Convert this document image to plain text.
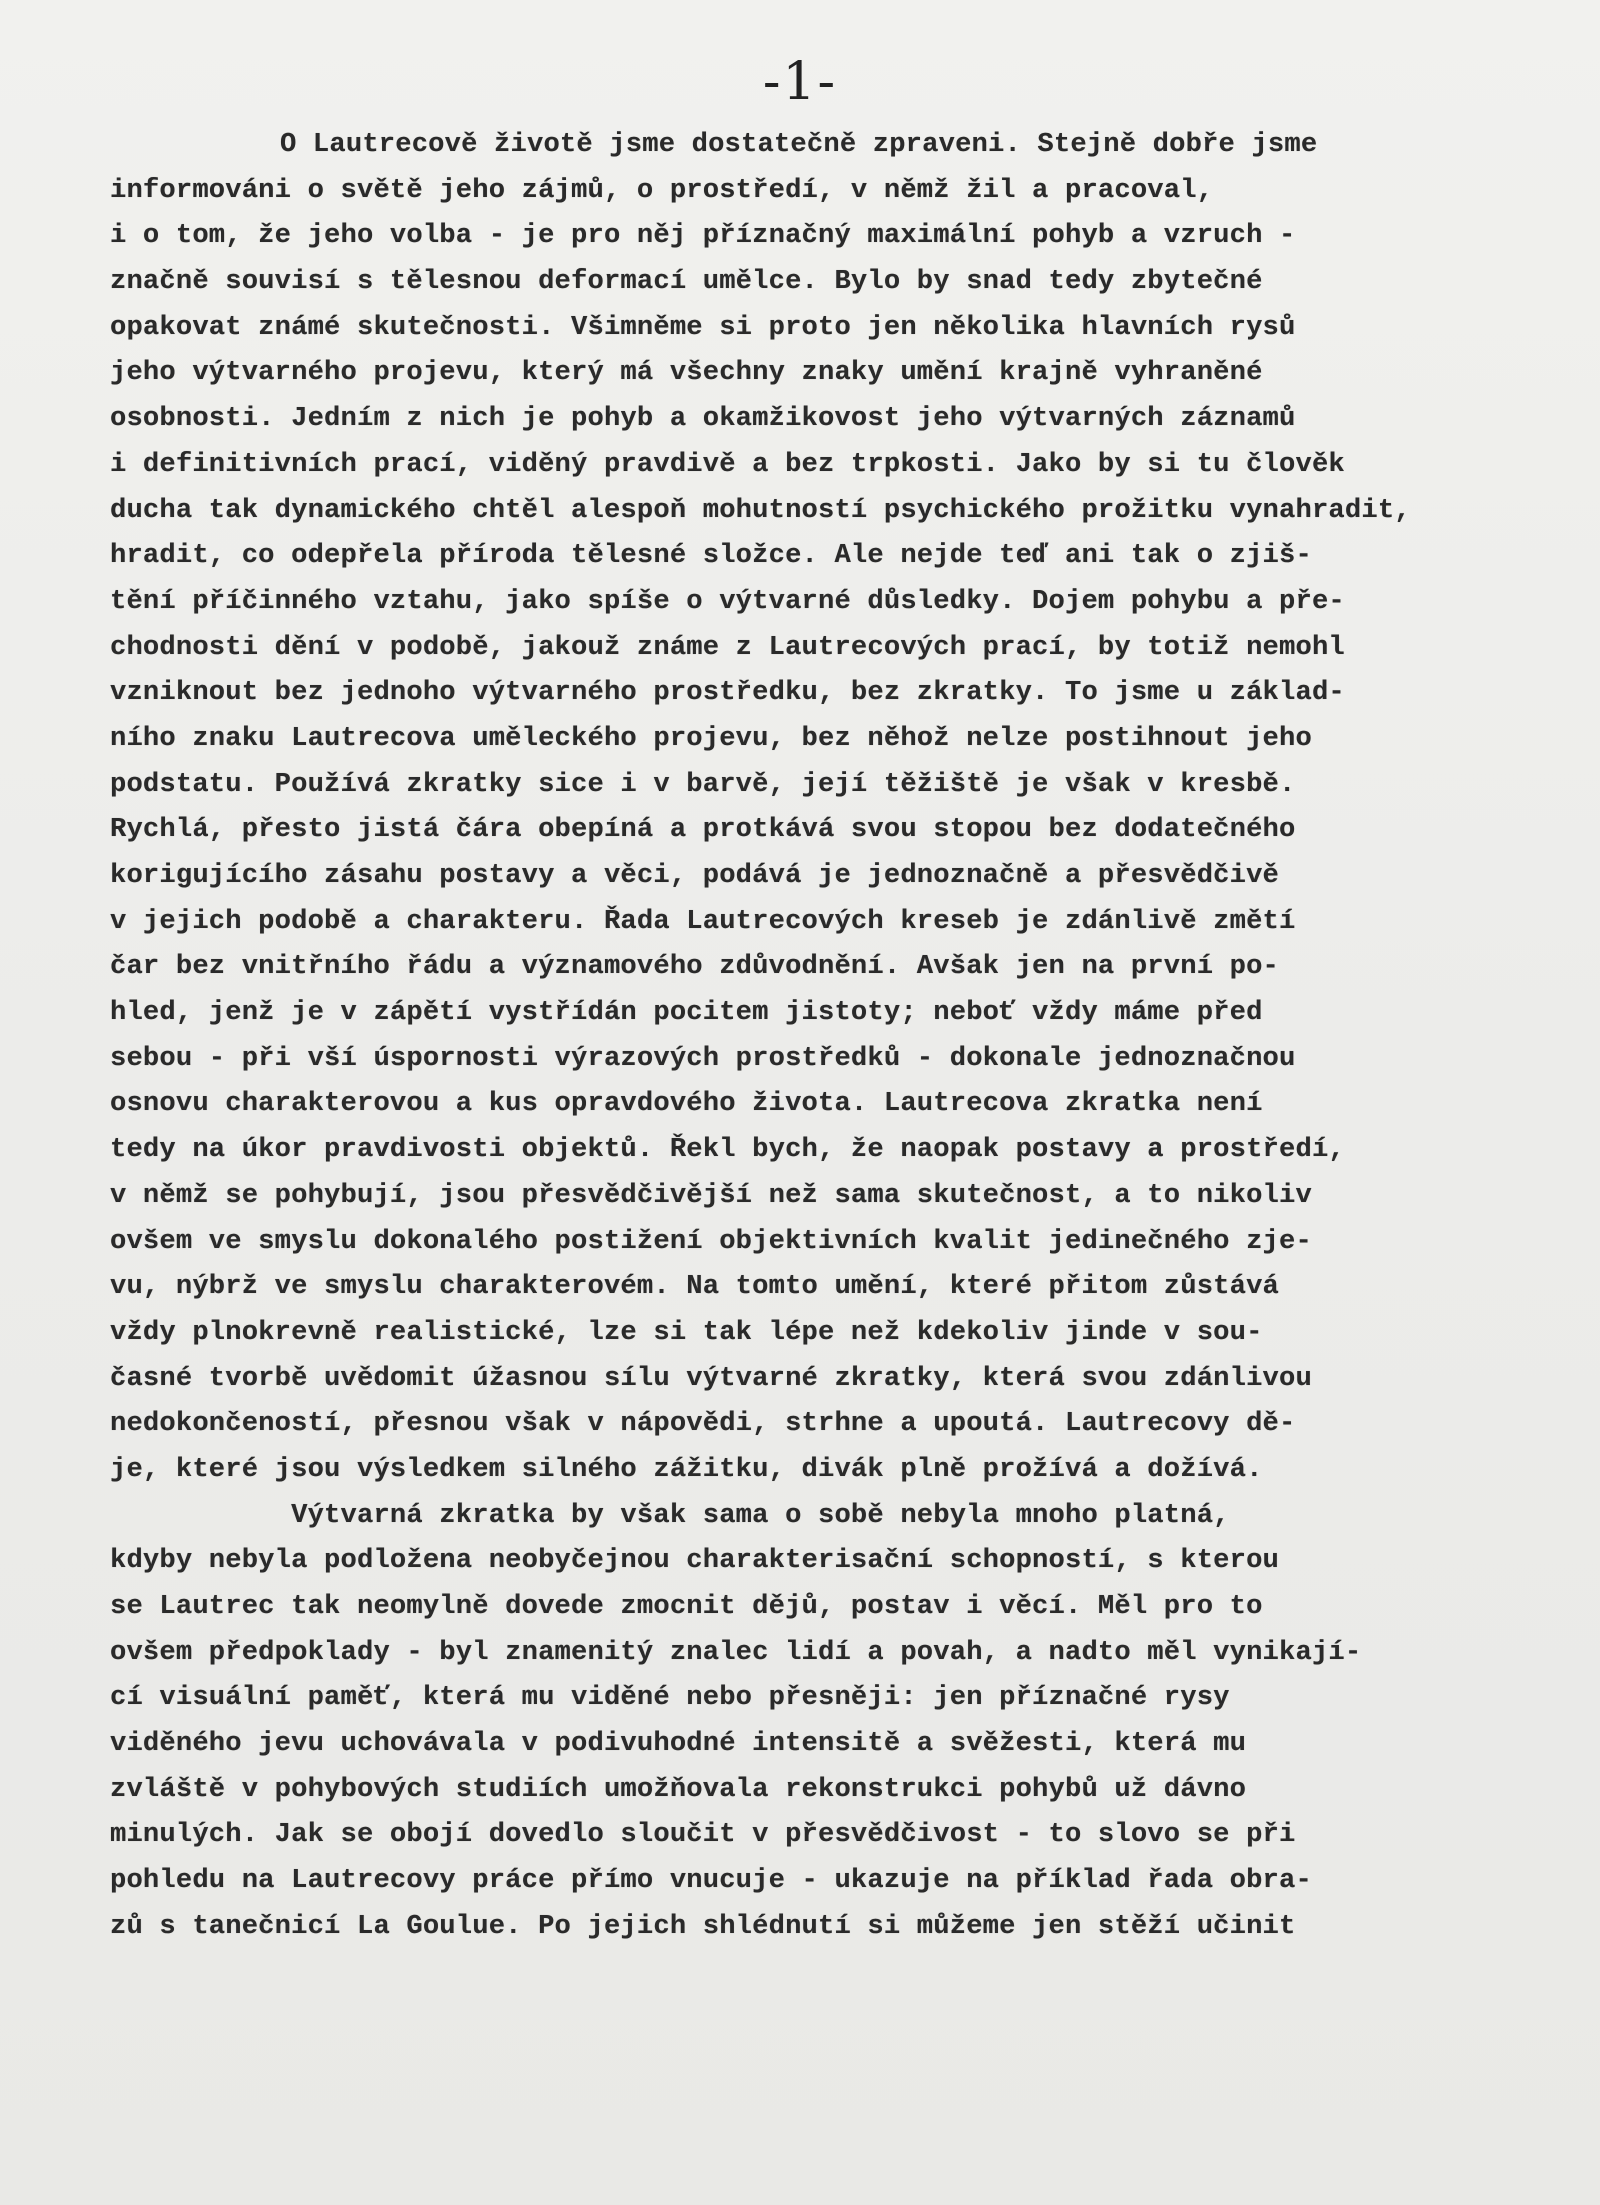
-1-
O Lautrecově životě jsme dostatečně zpraveni. Stejně dobře jsme
informováni o světě jeho zájmů, o prostředí, v němž žil a pracoval,
i o tom, že jeho volba - je pro něj příznačný maximální pohyb a vzruch -
značně souvisí s tělesnou deformací umělce. Bylo by snad tedy zbytečné
opakovat známé skutečnosti. Všimněme si proto jen několika hlavních rysů
jeho výtvarného projevu, který má všechny znaky umění krajně vyhraněné
osobnosti. Jedním z nich je pohyb a okamžikovost jeho výtvarných záznamů
i definitivních prací, viděný pravdivě a bez trpkosti. Jako by si tu člověk
ducha tak dynamického chtěl alespoň mohutností psychického prožitku vynahradit,
hradit, co odepřela příroda tělesné složce. Ale nejde teď ani tak o zjiš-
tění příčinného vztahu, jako spíše o výtvarné důsledky. Dojem pohybu a pře-
chodnosti dění v podobě, jakouž známe z Lautrecových prací, by totiž nemohl
vzniknout bez jednoho výtvarného prostředku, bez zkratky. To jsme u základ-
ního znaku Lautrecova uměleckého projevu, bez něhož nelze postihnout jeho
podstatu. Používá zkratky sice i v barvě, její těžiště je však v kresbě.
Rychlá, přesto jistá čára obepíná a protkává svou stopou bez dodatečného
korigujícího zásahu postavy a věci, podává je jednoznačně a přesvědčivě
v jejich podobě a charakteru. Řada Lautrecových kreseb je zdánlivě změtí
čar bez vnitřního řádu a významového zdůvodnění. Avšak jen na první po-
hled, jenž je v zápětí vystřídán pocitem jistoty; neboť vždy máme před
sebou - při vší úspornosti výrazových prostředků - dokonale jednoznačnou
osnovu charakterovou a kus opravdového života. Lautrecova zkratka není
tedy na úkor pravdivosti objektů. Řekl bych, že naopak postavy a prostředí,
v němž se pohybují, jsou přesvědčivější než sama skutečnost, a to nikoliv
ovšem ve smyslu dokonalého postižení objektivních kvalit jedinečného zje-
vu, nýbrž ve smyslu charakterovém. Na tomto umění, které přitom zůstává
vždy plnokrevně realistické, lze si tak lépe než kdekoliv jinde v sou-
časné tvorbě uvědomit úžasnou sílu výtvarné zkratky, která svou zdánlivou
nedokončeností, přesnou však v nápovědi, strhne a upoutá. Lautrecovy dě-
je, které jsou výsledkem silného zážitku, divák plně prožívá a dožívá.
Výtvarná zkratka by však sama o sobě nebyla mnoho platná,
kdyby nebyla podložena neobyčejnou charakterisační schopností, s kterou
se Lautrec tak neomylně dovede zmocnit dějů, postav i věcí. Měl pro to
ovšem předpoklady - byl znamenitý znalec lidí a povah, a nadto měl vynikají-
cí visuální paměť, která mu viděné nebo přesněji: jen příznačné rysy
viděného jevu uchovávala v podivuhodné intensitě a svěžesti, která mu
zvláště v pohybových studiích umožňovala rekonstrukci pohybů už dávno
minulých. Jak se obojí dovedlo sloučit v přesvědčivost - to slovo se při
pohledu na Lautrecovy práce přímo vnucuje - ukazuje na příklad řada obra-
zů s tanečnicí La Goulue. Po jejich shlédnutí si můžeme jen stěží učinit
